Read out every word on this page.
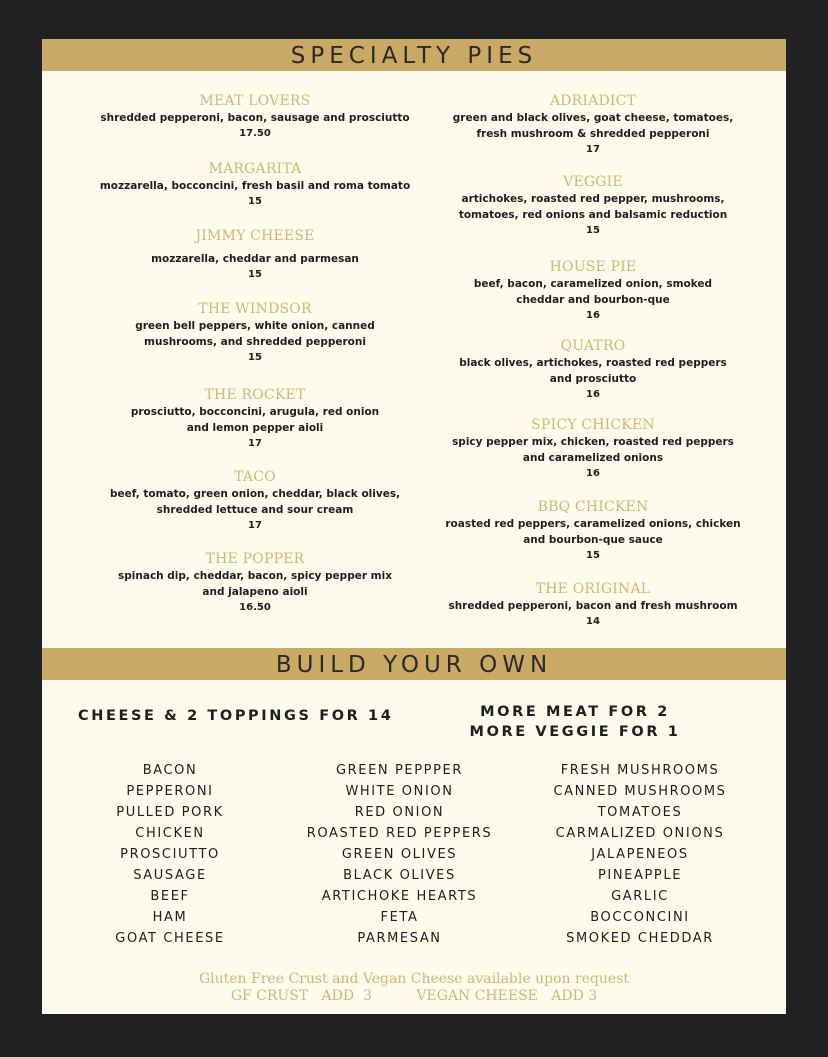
SPECIALTY PIES
MEAT LOVERS
shredded pepperoni, bacon, sausage and prosciutto
17.50
MARGARITA
mozzarella, bocconcini, fresh basil and roma tomato
15
JIMMY CHEESE
mozzarella, cheddar and parmesan
15
THE WINDSOR
green bell peppers, white onion, canned
mushrooms, and shredded pepperoni
15
THE ROCKET
prosciutto, bocconcini, arugula, red onion
and lemon pepper aioli
17
TACO
beef, tomato, green onion, cheddar, black olives,
shredded lettuce and sour cream
17
THE POPPER
spinach dip, cheddar, bacon, spicy pepper mix
and jalapeno aioli
16.50
ADRIADICT
green and black olives, goat cheese, tomatoes,
fresh mushroom & shredded pepperoni
17
VEGGIE
artichokes, roasted red pepper, mushrooms,
tomatoes, red onions and balsamic reduction
15
HOUSE PIE
beef, bacon, caramelized onion, smoked
cheddar and bourbon-que
16
QUATRO
black olives, artichokes, roasted red peppers
and prosciutto
16
SPICY CHICKEN
spicy pepper mix, chicken, roasted red peppers
and caramelized onions
16
BBQ CHICKEN
roasted red peppers, caramelized onions, chicken
and bourbon-que sauce
15
THE ORIGINAL
shredded pepperoni, bacon and fresh mushroom
14
BUILD YOUR OWN
CHEESE & 2 TOPPINGS FOR 14	MORE MEAT FOR 2
MORE VEGGIE FOR 1
BACON
PEPPERONI
PULLED PORK
CHICKEN
PROSCIUTTO
SAUSAGE
BEEF
HAM
GOAT CHEESE
GREEN PEPPPER
WHITE ONION
RED ONION
ROASTED RED PEPPERS
GREEN OLIVES
BLACK OLIVES
ARTICHOKE HEARTS
FETA
PARMESAN
FRESH MUSHROOMS
CANNED MUSHROOMS
TOMATOES
CARMALIZED ONIONS
JALAPENEOS
PINEAPPLE
GARLIC
BOCCONCINI
SMOKED CHEDDAR
Gluten Free Crust and Vegan Cheese available upon request
GF CRUST   ADD  3	VEGAN CHEESE   ADD 3
